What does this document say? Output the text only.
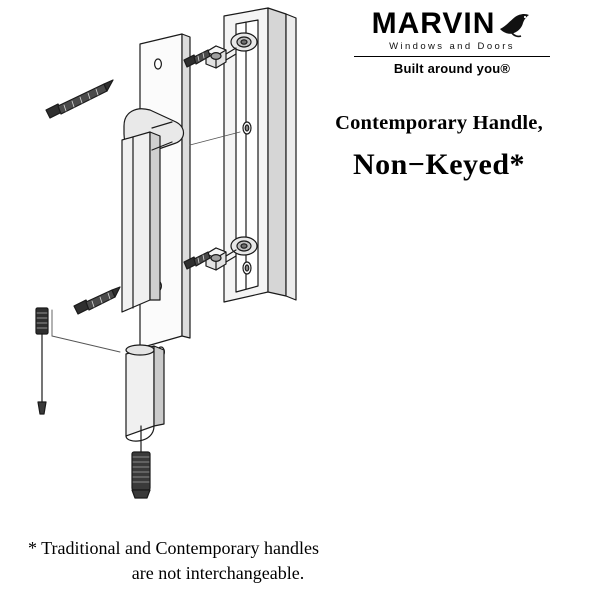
MARVIN
Windows and Doors
Built around you®
Contemporary Handle,
Non−Keyed*
* Traditional and Contemporary handles
are not interchangeable.
